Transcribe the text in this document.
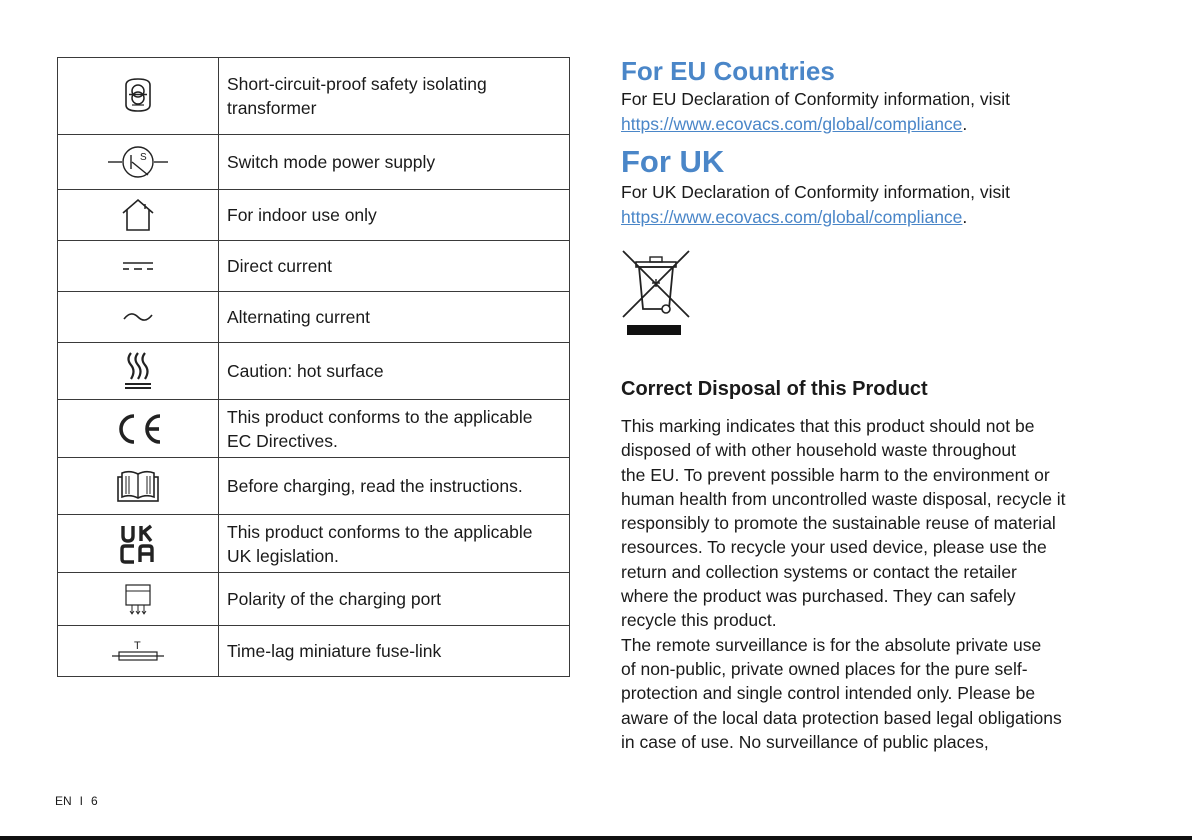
	Short-circuit-proof safety isolating transformer

S	Switch mode power supply

	For indoor use only

	Direct current

	Alternating current

	Caution: hot surface

	This product conforms to the applicable EC Directives.

	Before charging, read the instructions.

	This product conforms to the applicable UK legislation.

	Polarity of the charging port

T	Time-lag miniature fuse-link
For EU Countries

For EU Declaration of Conformity information, visit
https://www.ecovacs.com/global/compliance.

For UK

For UK Declaration of Conformity information, visit
https://www.ecovacs.com/global/compliance.

Correct Disposal of this Product

This marking indicates that this product should not be
disposed of with other household waste throughout
the EU. To prevent possible harm to the environment or
human health from uncontrolled waste disposal, recycle it
responsibly to promote the sustainable reuse of material
resources. To recycle your used device, please use the
return and collection systems or contact the retailer
where the product was purchased. They can safely
recycle this product.
The remote surveillance is for the absolute private use
of non-public, private owned places for the pure self-
protection and single control intended only. Please be
aware of the local data protection based legal obligations
in case of use. No surveillance of public places,

EN I 6
